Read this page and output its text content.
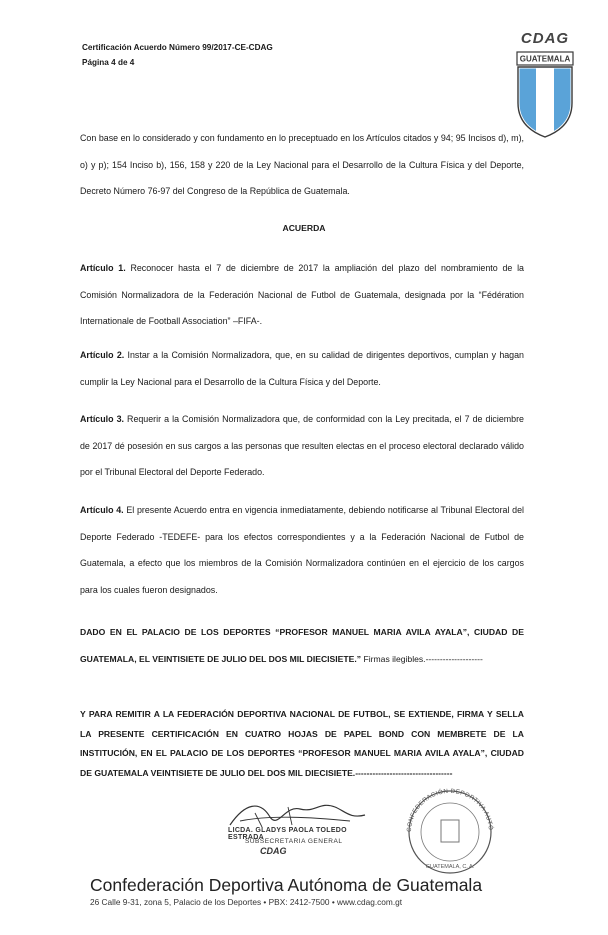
Certificación Acuerdo Número 99/2017-CE-CDAG
Página 4 de 4
CDAG
GUATEMALA
Con base en lo considerado y con fundamento en lo preceptuado en los Artículos citados y 94; 95 Incisos d), m), o) y p); 154 Inciso b), 156, 158 y 220 de la Ley Nacional para el Desarrollo de la Cultura Física y del Deporte, Decreto Número 76-97 del Congreso de la República de Guatemala.
ACUERDA
Artículo 1. Reconocer hasta el 7 de diciembre de 2017 la ampliación del plazo del nombramiento de la Comisión Normalizadora de la Federación Nacional de Futbol de Guatemala, designada por la “Fédération Internationale de Football Association” –FIFA-.
Artículo 2. Instar a la Comisión Normalizadora, que, en su calidad de dirigentes deportivos, cumplan y hagan cumplir la Ley Nacional para el Desarrollo de la Cultura Física y del Deporte.
Artículo 3. Requerir a la Comisión Normalizadora que, de conformidad con la Ley precitada, el 7 de diciembre de 2017 dé posesión en sus cargos a las personas que resulten electas en el proceso electoral declarado válido por el Tribunal Electoral del Deporte Federado.
Artículo 4. El presente Acuerdo entra en vigencia inmediatamente, debiendo notificarse al Tribunal Electoral del Deporte Federado -TEDEFE- para los efectos correspondientes y a la Federación Nacional de Futbol de Guatemala, a efecto que los miembros de la Comisión Normalizadora continúen en el ejercicio de los cargos para los cuales fueron designados.
DADO EN EL PALACIO DE LOS DEPORTES “PROFESOR MANUEL MARIA AVILA AYALA”, CIUDAD DE GUATEMALA, EL VEINTISIETE DE JULIO DEL DOS MIL DIECISIETE.” Firmas ilegibles.--------------------
Y PARA REMITIR A LA FEDERACIÓN DEPORTIVA NACIONAL DE FUTBOL, SE EXTIENDE, FIRMA Y SELLA LA PRESENTE CERTIFICACIÓN EN CUATRO HOJAS DE PAPEL BOND CON MEMBRETE DE LA INSTITUCIÓN, EN EL PALACIO DE LOS DEPORTES “PROFESOR MANUEL MARIA AVILA AYALA”, CIUDAD DE GUATEMALA VEINTISIETE DE JULIO DEL DOS MIL DIECISIETE.----------------------------------
LICDA. GLADYS PAOLA TOLEDO ESTRADA
SUBSECRETARIA GENERAL
CDAG
CONFEDERACIÓN DEPORTIVA AUTÓ
GUATEMALA, C. A.
Confederación Deportiva Autónoma de Guatemala
26 Calle 9-31, zona 5, Palacio de los Deportes • PBX: 2412-7500 • www.cdag.com.gt
